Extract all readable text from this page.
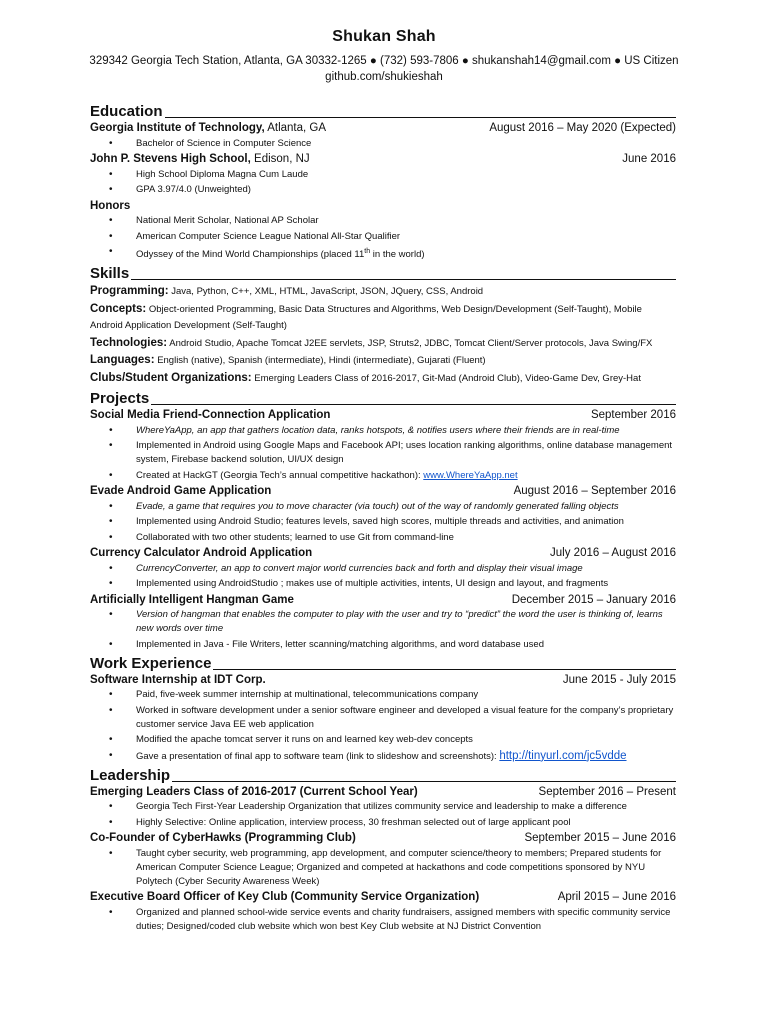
Shukan Shah
329342 Georgia Tech Station, Atlanta, GA 30332-1265 ● (732) 593-7806 ● shukanshah14@gmail.com ● US Citizen
github.com/shukieshah
Education
Georgia Institute of Technology, Atlanta, GA	August 2016 – May 2020 (Expected)
• Bachelor of Science in Computer Science
John P. Stevens High School, Edison, NJ	June 2016
• High School Diploma Magna Cum Laude
• GPA 3.97/4.0 (Unweighted)
Honors
• National Merit Scholar, National AP Scholar
• American Computer Science League National All-Star Qualifier
• Odyssey of the Mind World Championships (placed 11th in the world)
Skills
Programming: Java, Python, C++, XML, HTML, JavaScript, JSON, JQuery, CSS, Android
Concepts: Object-oriented Programming, Basic Data Structures and Algorithms, Web Design/Development (Self-Taught), Mobile Android Application Development (Self-Taught)
Technologies: Android Studio, Apache Tomcat J2EE servlets, JSP, Struts2, JDBC, Tomcat Client/Server protocols, Java Swing/FX
Languages: English (native), Spanish (intermediate), Hindi (intermediate), Gujarati (Fluent)
Clubs/Student Organizations: Emerging Leaders Class of 2016-2017, Git-Mad (Android Club), Video-Game Dev, Grey-Hat
Projects
Social Media Friend-Connection Application	September 2016
• WhereYaApp, an app that gathers location data, ranks hotspots, & notifies users where their friends are in real-time
• Implemented in Android using Google Maps and Facebook API; uses location ranking algorithms, online database management system, Firebase backend solution, UI/UX design
• Created at HackGT (Georgia Tech’s annual competitive hackathon): www.WhereYaApp.net
Evade Android Game Application	August 2016 – September 2016
• Evade, a game that requires you to move character (via touch) out of the way of randomly generated falling objects
• Implemented using Android Studio; features levels, saved high scores, multiple threads and activities, and animation
• Collaborated with two other students; learned to use Git from command-line
Currency Calculator Android Application	July 2016 – August 2016
• CurrencyConverter, an app to convert major world currencies back and forth and display their visual image
• Implemented using AndroidStudio ; makes use of multiple activities, intents, UI design and layout, and fragments
Artificially Intelligent Hangman Game	December 2015 – January 2016
• Version of hangman that enables the computer to play with the user and try to “predict” the word the user is thinking of, learns new words over time
• Implemented in Java - File Writers, letter scanning/matching algorithms, and word database used
Work Experience
Software Internship at IDT Corp.	June 2015 - July 2015
• Paid, five-week summer internship at multinational, telecommunications company
• Worked in software development under a senior software engineer and developed a visual feature for the company’s proprietary customer service Java EE web application
• Modified the apache tomcat server it runs on and learned key web-dev concepts
• Gave a presentation of final app to software team (link to slideshow and screenshots): http://tinyurl.com/jc5vdde
Leadership
Emerging Leaders Class of 2016-2017 (Current School Year)	September 2016 – Present
• Georgia Tech First-Year Leadership Organization that utilizes community service and leadership to make a difference
• Highly Selective: Online application, interview process, 30 freshman selected out of large applicant pool
Co-Founder of CyberHawks (Programming Club)	September 2015 – June 2016
• Taught cyber security, web programming, app development, and computer science/theory to members; Prepared students for American Computer Science League; Organized and competed at hackathons and code competitions sponsored by NYU Polytech (Cyber Security Awareness Week)
Executive Board Officer of Key Club (Community Service Organization)	April 2015 – June 2016
• Organized and planned school-wide service events and charity fundraisers, assigned members with specific community service duties; Designed/coded club website which won best Key Club website at NJ District Convention
